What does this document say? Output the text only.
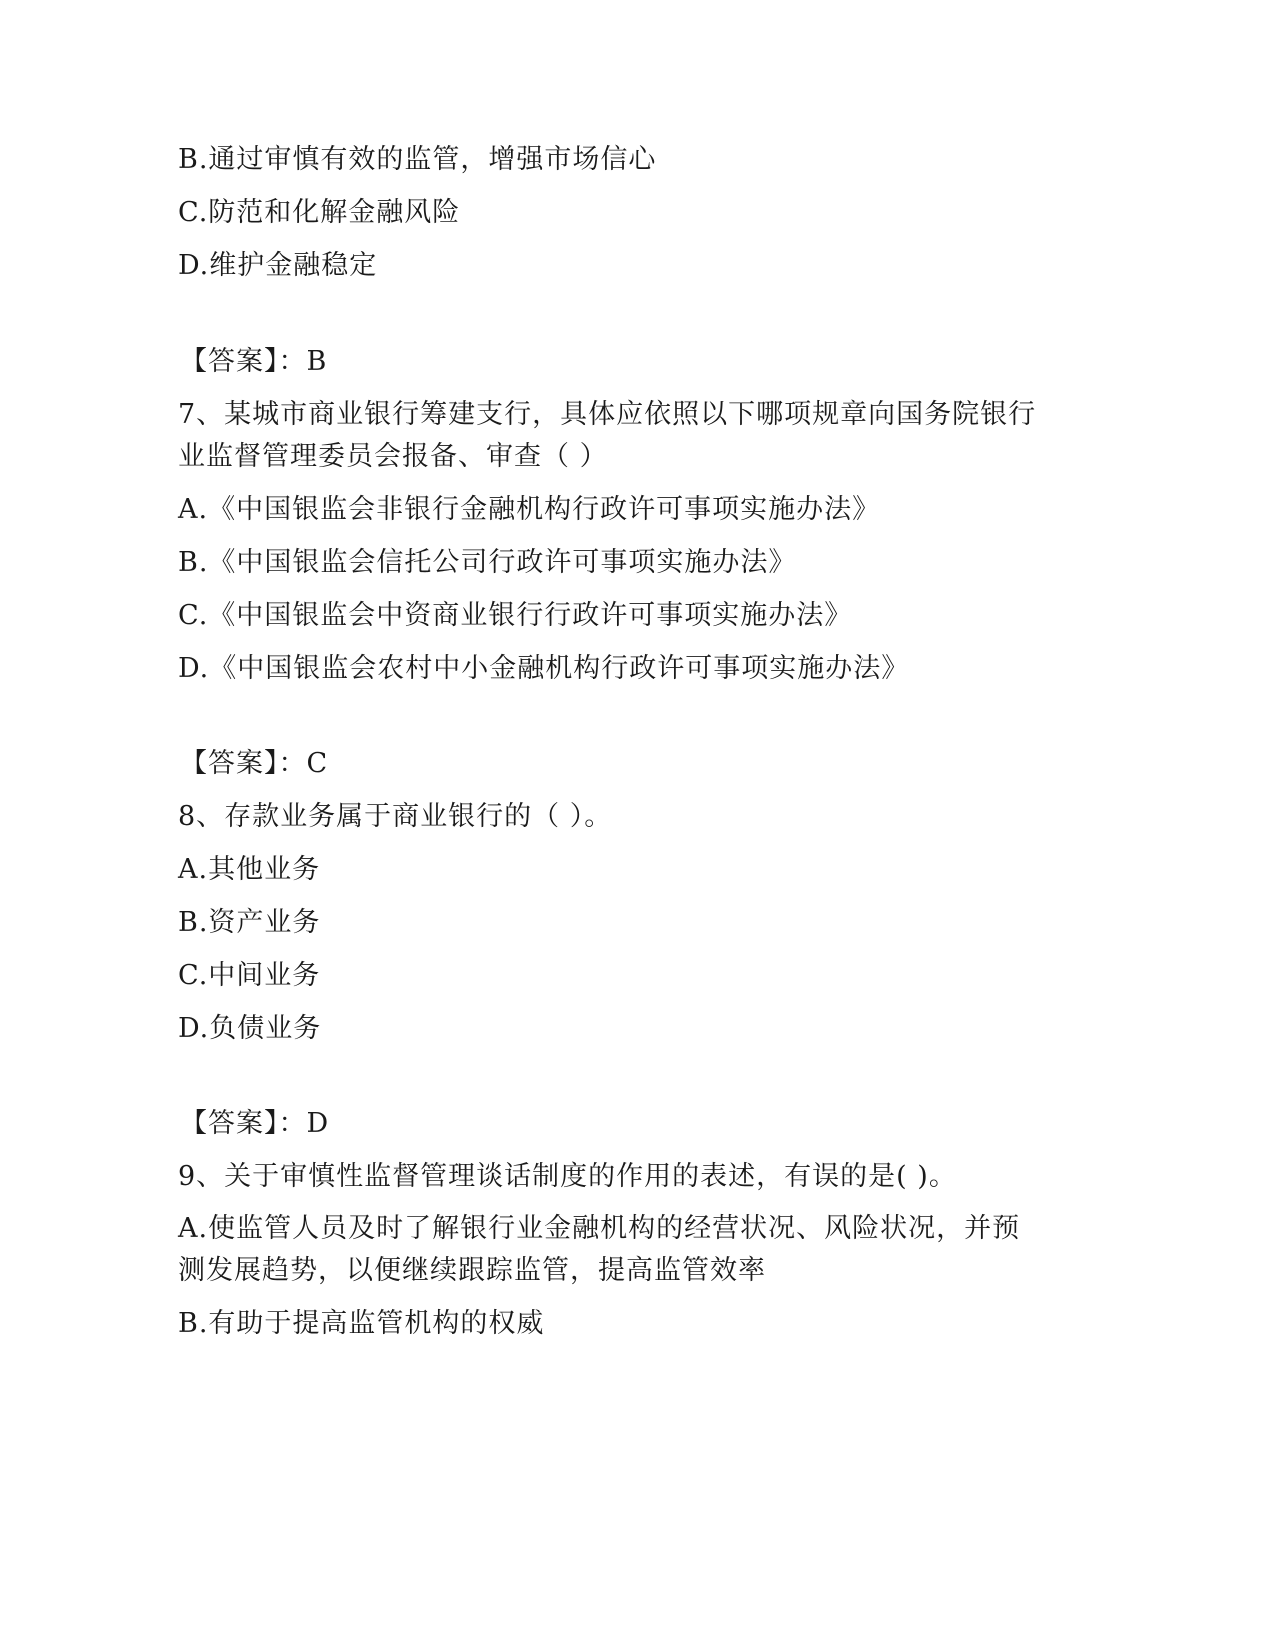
B.通过审慎有效的监管，增强市场信心
C.防范和化解金融风险
D.维护金融稳定
【答案】：B
7、某城市商业银行筹建支行，具体应依照以下哪项规章向国务院银行
业监督管理委员会报备、审查（ ）
A.《中国银监会非银行金融机构行政许可事项实施办法》
B.《中国银监会信托公司行政许可事项实施办法》
C.《中国银监会中资商业银行行政许可事项实施办法》
D.《中国银监会农村中小金融机构行政许可事项实施办法》
【答案】：C
8、存款业务属于商业银行的（ ）。
A.其他业务
B.资产业务
C.中间业务
D.负债业务
【答案】：D
9、关于审慎性监督管理谈话制度的作用的表述，有误的是( )。
A.使监管人员及时了解银行业金融机构的经营状况、风险状况，并预
测发展趋势，以便继续跟踪监管，提高监管效率
B.有助于提高监管机构的权威
